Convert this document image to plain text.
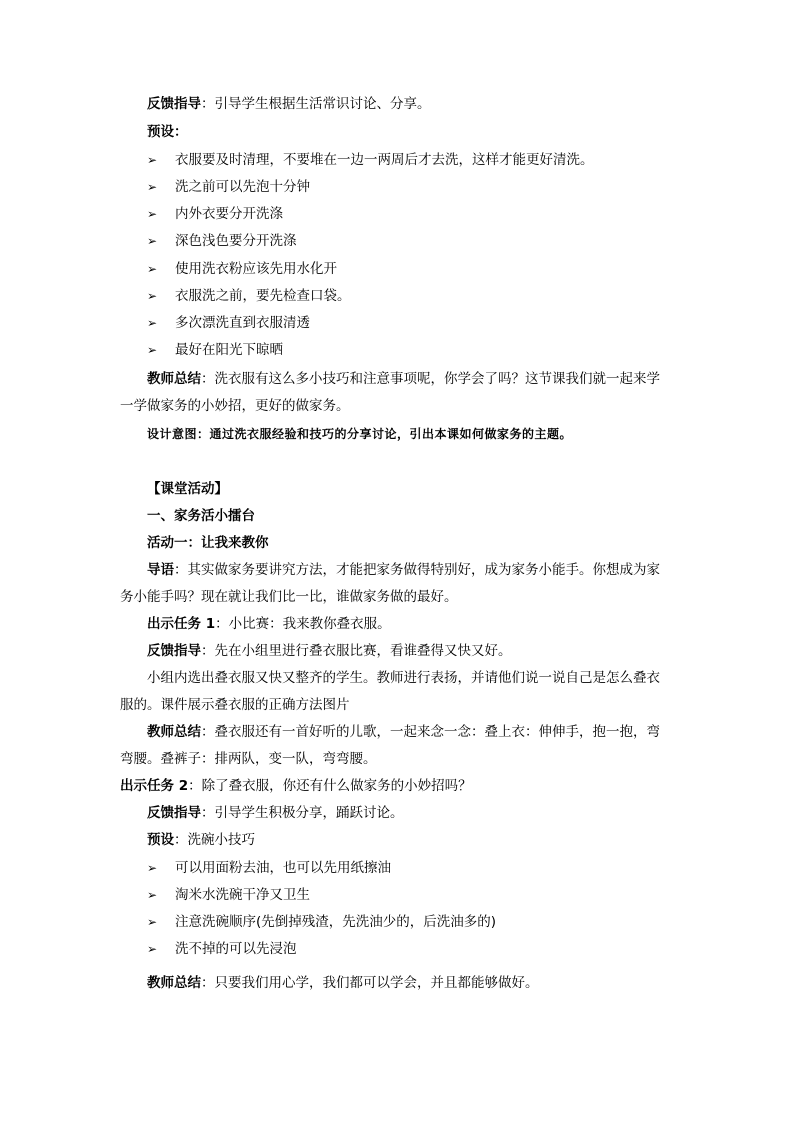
反馈指导：引导学生根据生活常识讨论、分享。
预设：
➢ 衣服要及时清理，不要堆在一边一两周后才去洗，这样才能更好清洗。
➢ 洗之前可以先泡十分钟
➢ 内外衣要分开洗涤
➢ 深色浅色要分开洗涤
➢ 使用洗衣粉应该先用水化开
➢ 衣服洗之前，要先检查口袋。
➢ 多次漂洗直到衣服清透
➢ 最好在阳光下晾晒
教师总结：洗衣服有这么多小技巧和注意事项呢，你学会了吗？这节课我们就一起来学
一学做家务的小妙招，更好的做家务。
设计意图：通过洗衣服经验和技巧的分享讨论，引出本课如何做家务的主题。
【课堂活动】
一、家务活小擂台
活动一：让我来教你
导语：其实做家务要讲究方法，才能把家务做得特别好，成为家务小能手。你想成为家
务小能手吗？现在就让我们比一比，谁做家务做的最好。
出示任务 1：小比赛：我来教你叠衣服。
反馈指导：先在小组里进行叠衣服比赛，看谁叠得又快又好。
小组内选出叠衣服又快又整齐的学生。教师进行表扬，并请他们说一说自己是怎么叠衣
服的。课件展示叠衣服的正确方法图片
教师总结：叠衣服还有一首好听的儿歌，一起来念一念：叠上衣：伸伸手，抱一抱，弯
弯腰。叠裤子：排两队，变一队，弯弯腰。
出示任务 2：除了叠衣服，你还有什么做家务的小妙招吗？
反馈指导：引导学生积极分享，踊跃讨论。
预设：洗碗小技巧
➢ 可以用面粉去油，也可以先用纸擦油
➢ 淘米水洗碗干净又卫生
➢ 注意洗碗顺序(先倒掉残渣，先洗油少的，后洗油多的)
➢ 洗不掉的可以先浸泡
教师总结：只要我们用心学，我们都可以学会，并且都能够做好。
